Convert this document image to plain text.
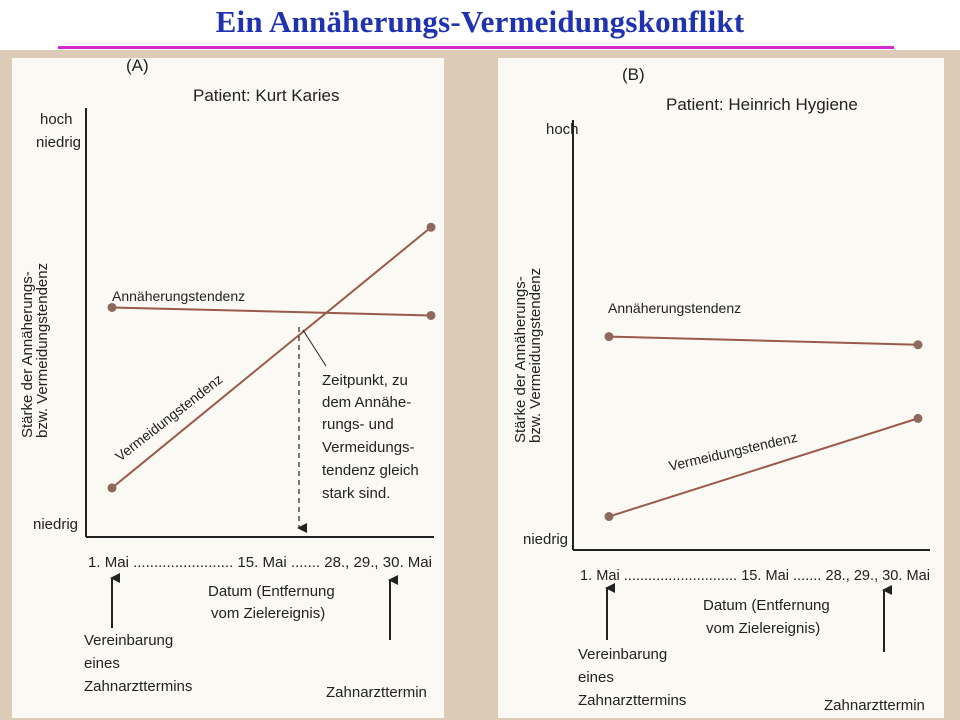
Ein Annäherungs-Vermeidungskonflikt
(A)
Patient: Kurt Karies
hoch
niedrig
niedrig
Stärke der Annäherungs-
bzw. Vermeidungstendenz	Annäherungstendenz
Vermeidungstendenz	Zeitpunkt, zu
dem Annähe-
rungs- und
Vermeidungs-
tendenz gleich
stark sind.
1. Mai ........................ 15. Mai ....... 28., 29., 30. Mai
Datum (Entfernung
vom Zielereignis)
Vereinbarung
eines
Zahnarzttermins	Zahnarzttermin
(B)
Patient: Heinrich Hygiene
hoch
niedrig
Stärke der Annäherungs-
bzw. Vermeidungstendenz	Annäherungstendenz
Vermeidungstendenz
1. Mai ............................ 15. Mai ....... 28., 29., 30. Mai
Datum (Entfernung
vom Zielereignis)
Vereinbarung
eines
Zahnarzttermins	Zahnarzttermin
